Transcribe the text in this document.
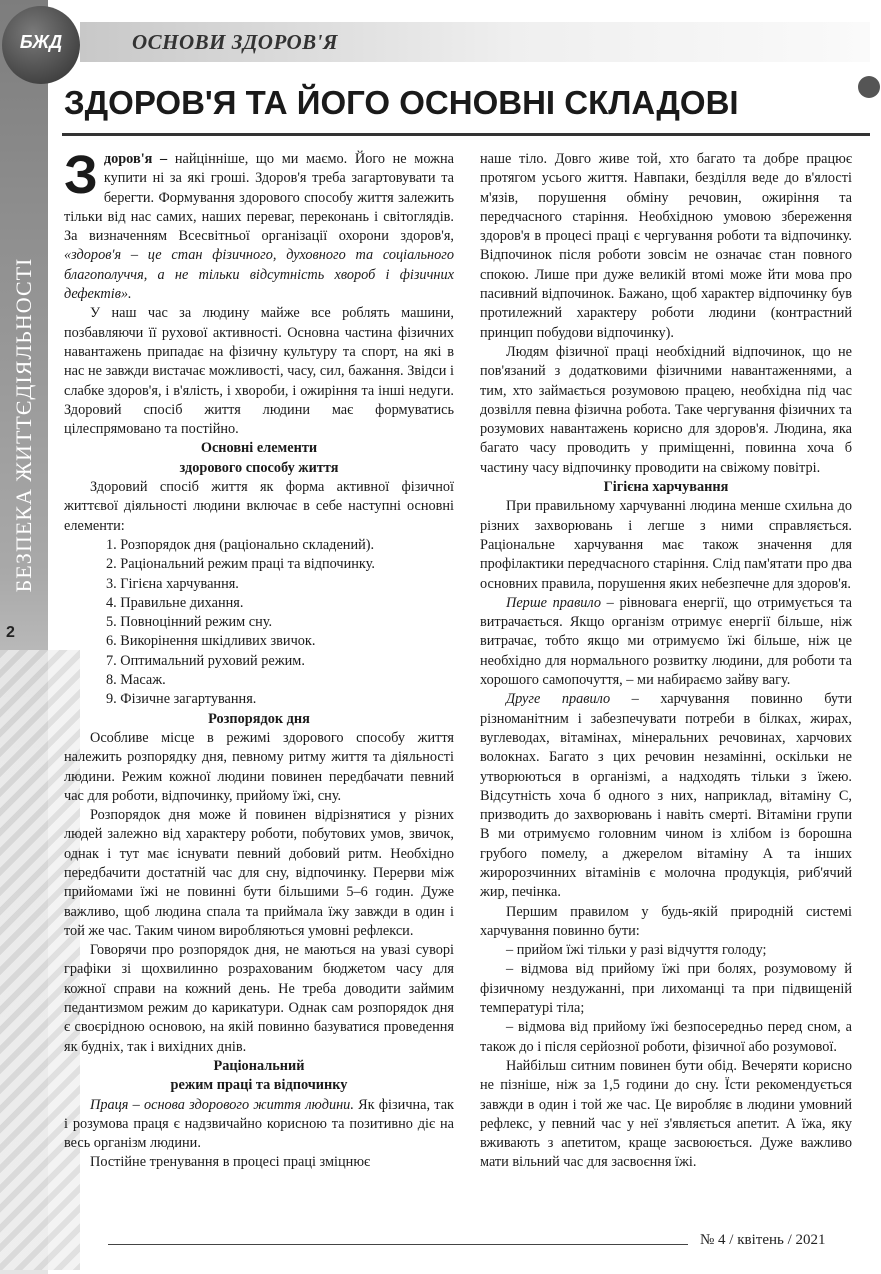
БЖД	ОСНОВИ ЗДОРОВ'Я
БЕЗПЕКА ЖИТТЄДІЯЛЬНОСТІ
2
ЗДОРОВ'Я ТА ЙОГО ОСНОВНІ СКЛАДОВІ

Здоров'я – найцінніше, що ми маємо. Його не можна купити ні за які гроші. Здоров'я треба загартовувати та берегти. Формування здорового способу життя залежить тільки від нас самих, наших переваг, переконань і світоглядів. За визначенням Всесвітньої організації охорони здоров'я, «здоров'я – це стан фізичного, духовного та соціального благополуччя, а не тільки відсутність хвороб і фізичних дефектів».

У наш час за людину майже все роблять машини, позбавляючи її рухової активності. Основна частина фізичних навантажень припадає на фізичну культуру та спорт, на які в нас не завжди вистачає можливості, часу, сил, бажання. Звідси і слабке здоров'я, і в'ялість, і хвороби, і ожиріння та інші недуги. Здоровий спосіб життя людини має формуватись цілеспрямовано та постійно.

Основні елементи
здорового способу життя

Здоровий спосіб життя як форма активної фізичної життєвої діяльності людини включає в себе наступні основні елементи:

1. Розпорядок дня (раціонально складений).
2. Раціональний режим праці та відпочинку.
3. Гігієна харчування.
4. Правильне дихання.
5. Повноцінний режим сну.
6. Викорінення шкідливих звичок.
7. Оптимальний руховий режим.
8. Масаж.
9. Фізичне загартування.
Розпорядок дня

Особливе місце в режимі здорового способу життя належить розпорядку дня, певному ритму життя та діяльності людини. Режим кожної людини повинен передбачати певний час для роботи, відпочинку, прийому їжі, сну.

Розпорядок дня може й повинен відрізнятися у різних людей залежно від характеру роботи, побутових умов, звичок, однак і тут має існувати певний добовий ритм. Необхідно передбачити достатній час для сну, відпочинку. Перерви між прийомами їжі не повинні бути більшими 5–6 годин. Дуже важливо, щоб людина спала та приймала їжу завжди в один і той же час. Таким чином виробляються умовні рефлекси.

Говорячи про розпорядок дня, не маються на увазі суворі графіки зі щохвилинно розрахованим бюджетом часу для кожної справи на кожний день. Не треба доводити займим педантизмом режим до карикатури. Однак сам розпорядок дня є своєрідною основою, на якій повинно базуватися проведення як будніх, так і вихідних днів.

Раціональний
режим праці та відпочинку

Праця – основа здорового життя людини. Як фізична, так і розумова праця є надзвичайно корисною та позитивно діє на весь організм людини.

Постійне тренування в процесі праці зміцнює

наше тіло. Довго живе той, хто багато та добре працює протягом усього життя. Навпаки, безділля веде до в'ялості м'язів, порушення обміну речовин, ожиріння та передчасного старіння. Необхідною умовою збереження здоров'я в процесі праці є чергування роботи та відпочинку. Відпочинок після роботи зовсім не означає стан повного спокою. Лише при дуже великій втомі може йти мова про пасивний відпочинок. Бажано, щоб характер відпочинку був протилежний характеру роботи людини (контрастний принцип побудови відпочинку).

Людям фізичної праці необхідний відпочинок, що не пов'язаний з додатковими фізичними навантаженнями, а тим, хто займається розумовою працею, необхідна під час дозвілля певна фізична робота. Таке чергування фізичних та розумових навантажень корисно для здоров'я. Людина, яка багато часу проводить у приміщенні, повинна хоча б частину часу відпочинку проводити на свіжому повітрі.

Гігієна харчування

При правильному харчуванні людина менше схильна до різних захворювань і легше з ними справляється. Раціональне харчування має також значення для профілактики передчасного старіння. Слід пам'ятати про два основних правила, порушення яких небезпечне для здоров'я.

Перше правило – рівновага енергії, що отримується та витрачається. Якщо організм отримує енергії більше, ніж витрачає, тобто якщо ми отримуємо їжі більше, ніж це необхідно для нормального розвитку людини, для роботи та хорошого самопочуття, – ми набираємо зайву вагу.

Друге правило – харчування повинно бути різноманітним і забезпечувати потреби в білках, жирах, вуглеводах, вітамінах, мінеральних речовинах, харчових волокнах. Багато з цих речовин незамінні, оскільки не утворюються в організмі, а надходять тільки з їжею. Відсутність хоча б одного з них, наприклад, вітаміну С, призводить до захворювань і навіть смерті. Вітаміни групи В ми отримуємо головним чином із хлібом із борошна грубого помелу, а джерелом вітаміну А та інших жиророзчинних вітамінів є молочна продукція, риб'ячий жир, печінка.

Першим правилом у будь-якій природній системі харчування повинно бути:

– прийом їжі тільки у разі відчуття голоду;

– відмова від прийому їжі при болях, розумовому й фізичному нездужанні, при лихоманці та при підвищеній температурі тіла;

– відмова від прийому їжі безпосередньо перед сном, а також до і після серйозної роботи, фізичної або розумової.

Найбільш ситним повинен бути обід. Вечеряти корисно не пізніше, ніж за 1,5 години до сну. Їсти рекомендується завжди в один і той же час. Це виробляє в людини умовний рефлекс, у певний час у неї з'являється апетит. А їжа, яку вживають з апетитом, краще засвоюється. Дуже важливо мати вільний час для засвоєння їжі.

№ 4 / квітень / 2021
